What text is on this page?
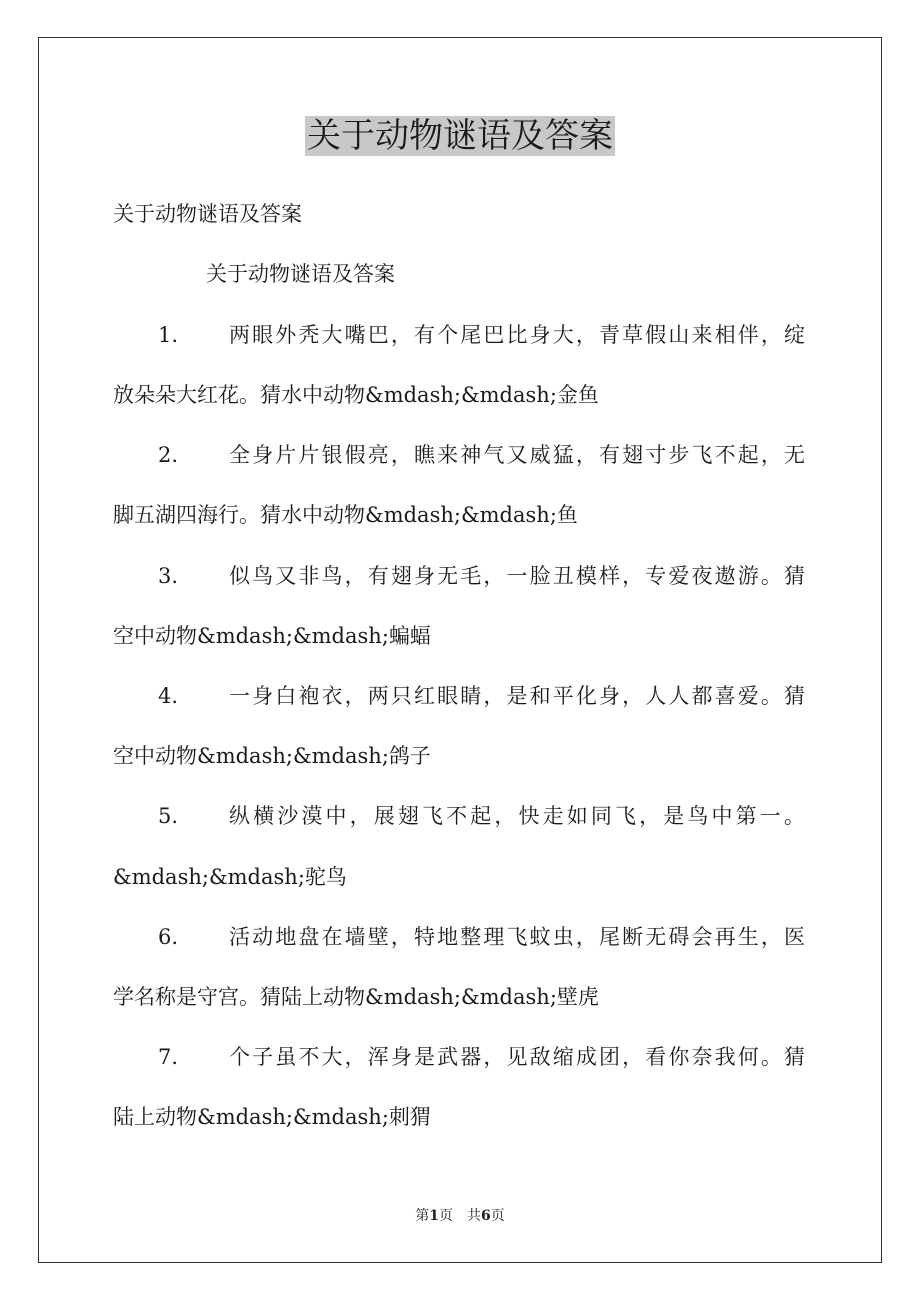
关于动物谜语及答案
关于动物谜语及答案
关于动物谜语及答案
1. 两 眼 外 秃 大 嘴 巴 ， 有 个 尾 巴 比 身 大 ， 青 草 假 山 来 相 伴 ， 绽
放朵朵大红花。猜水中动物&mdash;&mdash;金鱼
2. 全 身 片 片 银 假 亮 ， 瞧 来 神 气 又 威 猛 ， 有 翅 寸 步 飞 不 起 ， 无
脚五湖四海行。猜水中动物&mdash;&mdash;鱼
3. 似 鸟 又 非 鸟 ， 有 翅 身 无 毛 ， 一 脸 丑 模 样 ， 专 爱 夜 遨 游 。 猜
空中动物&mdash;&mdash;蝙蝠
4. 一 身 白 袍 衣 ， 两 只 红 眼 睛 ， 是 和 平 化 身 ， 人 人 都 喜 爱 。 猜
空中动物&mdash;&mdash;鸽子
5. 纵 横 沙 漠 中 ， 展 翅 飞 不 起 ， 快 走 如 同 飞 ， 是 鸟 中 第 一 。
&mdash;&mdash;驼鸟
6. 活 动 地 盘 在 墙 壁 ， 特 地 整 理 飞 蚊 虫 ， 尾 断 无 碍 会 再 生 ， 医
学名称是守宫。猜陆上动物&mdash;&mdash;壁虎
7. 个 子 虽 不 大 ， 浑 身 是 武 器 ， 见 敌 缩 成 团 ， 看 你 奈 我 何 。 猜
陆上动物&mdash;&mdash;刺猬
第1页　共6页
